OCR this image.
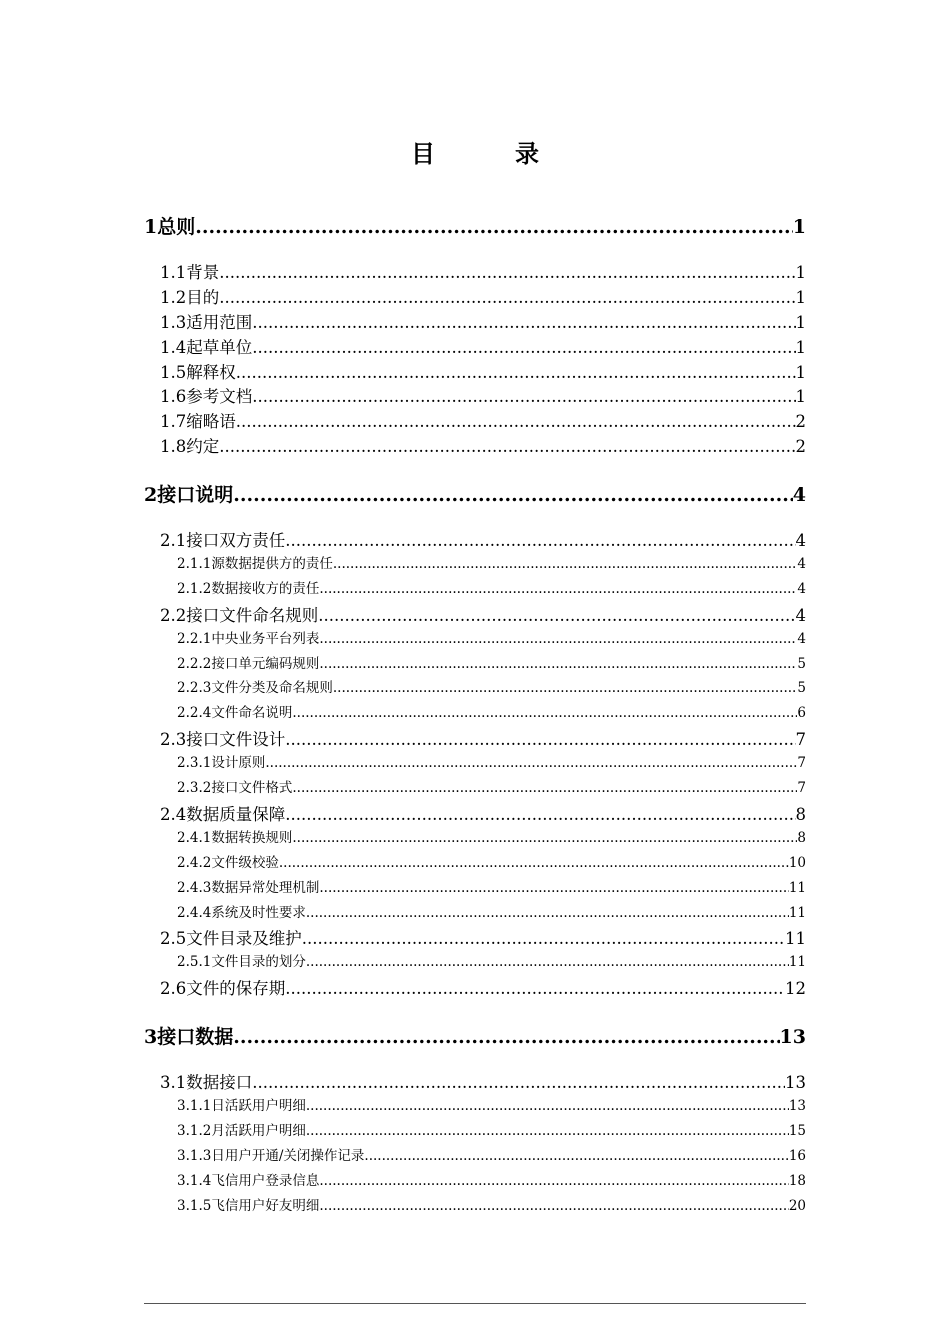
目　录
1 总则 .....	1
1.1 背景 .....	1
1.2 目的 .....	1
1.3 适用范围 .....	1
1.4 起草单位 .....	1
1.5 解释权 .....	1
1.6 参考文档 .....	1
1.7 缩略语 .....	2
1.8 约定 .....	2
2 接口说明 .....	4
2.1 接口双方责任 .....	4
2.1.1 源数据提供方的责任 .....	4
2.1.2 数据接收方的责任 .....	4
2.2 接口文件命名规则 .....	4
2.2.1 中央业务平台列表 .....	4
2.2.2 接口单元编码规则 .....	5
2.2.3 文件分类及命名规则 .....	5
2.2.4 文件命名说明 .....	6
2.3 接口文件设计 .....	7
2.3.1 设计原则 .....	7
2.3.2 接口文件格式 .....	7
2.4 数据质量保障 .....	8
2.4.1 数据转换规则 .....	8
2.4.2 文件级校验 .....	10
2.4.3 数据异常处理机制 .....	11
2.4.4 系统及时性要求 .....	11
2.5 文件目录及维护 .....	11
2.5.1 文件目录的划分 .....	11
2.6 文件的保存期 .....	12
3 接口数据 .....	13
3.1 数据接口 .....	13
3.1.1 日活跃用户明细 .....	13
3.1.2 月活跃用户明细 .....	15
3.1.3 日用户开通/关闭操作记录 .....	16
3.1.4 飞信用户登录信息 .....	18
3.1.5 飞信用户好友明细 .....	20
